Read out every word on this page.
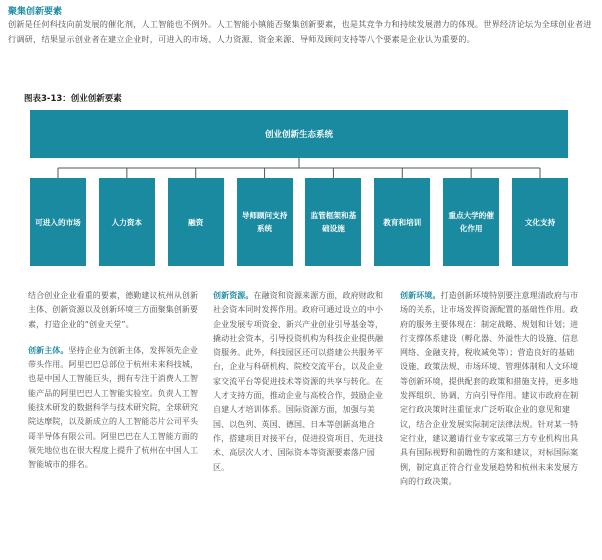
聚集创新要素
创新是任何科技向前发展的催化剂，人工智能也不例外。人工智能小镇能否聚集创新要素，也是其竞争力和持续发展潜力的体现。世界经济论坛为全球创业者进行调研，结果显示创业者在建立企业时，可进入的市场、人力资源、资金来源、导师及顾问支持等八个要素是企业认为重要的。
图表3-13：创业创新要素
创业创新生态系统
可进入的市场	人力资本	融资
导师顾问支持系统
监管框架和基础设施
教育和培训
重点大学的催化作用
文化支持

结合创业企业看重的要素，德勤建议杭州从创新主体、创新资源以及创新环境三方面聚集创新要素，打造企业的“创业天堂”。

创新主体。坚持企业为创新主体，发挥领先企业带头作用。阿里巴巴总部位于杭州未来科技城，也是中国人工智能巨头，拥有专注于消费人工智能产品的阿里巴巴人工智能实验室。负责人工智能技术研发的数据科学与技术研究院，全球研究院达摩院，以及新成立的人工智能芯片公司平头哥半导体有限公司。阿里巴巴在人工智能方面的领先地位也在很大程度上提升了杭州在中国人工智能城市的排名。

创新资源。在融资和资源来源方面，政府财政和社会资本同时发挥作用。政府可通过设立的中小企业发展专项资金、新兴产业创业引导基金等，撬动社会资本，引导投资机构为科技企业提供融资服务。此外，科技园区还可以搭建公共服务平台，企业与科研机构、院校交流平台，以及企业家交流平台等促进技术等资源的共享与转化。在人才支持方面，推动企业与高校合作，鼓励企业自建人才培训体系。国际资源方面，加强与美国、以色列、英国、德国、日本等创新高地合作，搭建项目对接平台，促进投资项目、先进技术、高层次人才、国际资本等资源要素落户园区。

创新环境。打造创新环境特别要注意理清政府与市场的关系，让市场发挥资源配置的基础性作用。政府的服务主要体现在：制定战略、规划和计划；进行支撑体系建设（孵化器、外溢性大的设施、信息网络、金融支持，税收减免等）；营造良好的基础设施、政策法规、市场环境、管理体制和人文环境等创新环境，提供配套的政策和措施支持，更多地发挥组织、协调、方向引导作用。建议市政府在制定行政决策时注重征求广泛听取企业的意见和建议，结合企业发展实际制定法律法规。针对某一特定行业，建议邀请行业专家或第三方专业机构出具具有国际视野和前瞻性的方案和建议，对标国际案例，制定真正符合行业发展趋势和杭州未来发展方向的行政决策。
